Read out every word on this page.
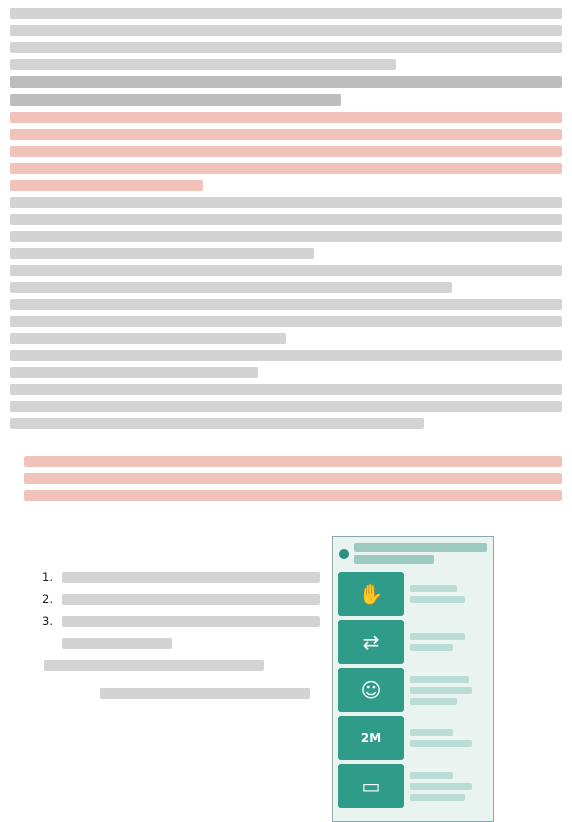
1.
2.
3.
✋
⇄
☺
2M
▭
